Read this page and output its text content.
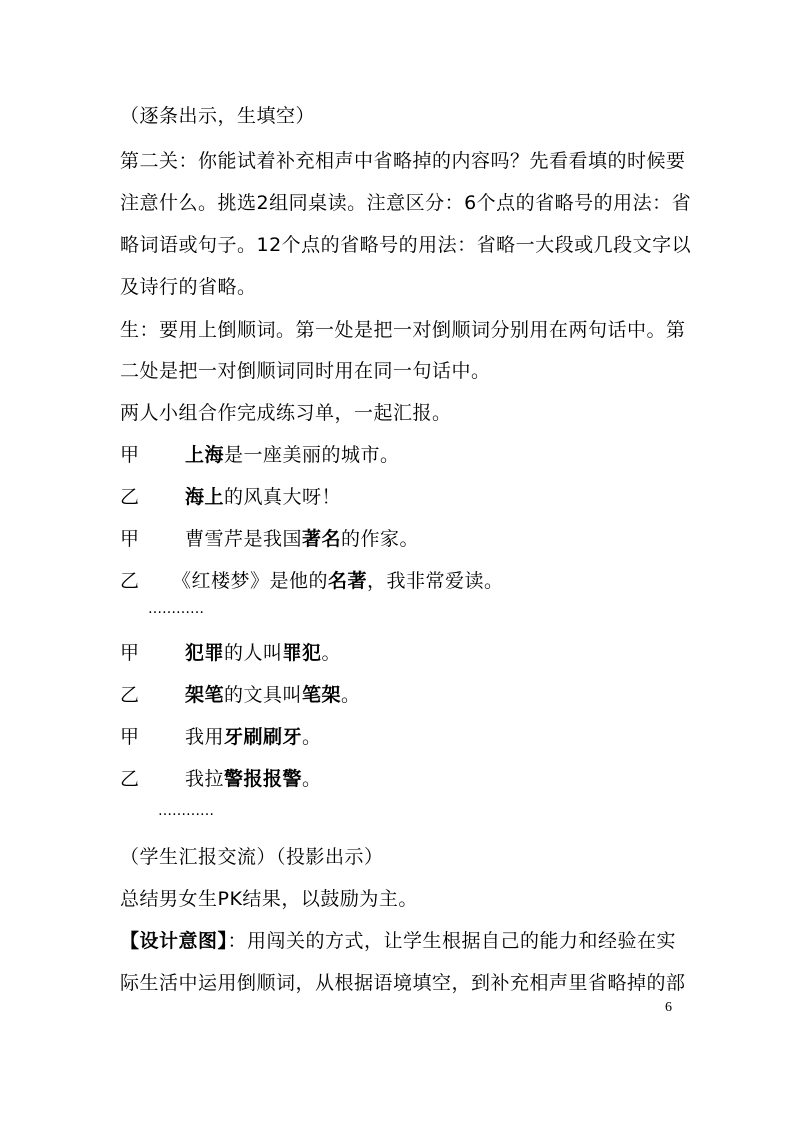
（逐条出示，生填空）
第二关：你能试着补充相声中省略掉的内容吗？先看看填的时候要
注意什么。挑选2组同桌读。注意区分：6个点的省略号的用法：省
略词语或句子。12个点的省略号的用法：省略一大段或几段文字以
及诗行的省略。
生：要用上倒顺词。第一处是把一对倒顺词分别用在两句话中。第
二处是把一对倒顺词同时用在同一句话中。
两人小组合作完成练习单，一起汇报。
甲 上海是一座美丽的城市。
乙 海上的风真大呀！
甲 曹雪芹是我国著名的作家。
乙 《红楼梦》是他的名著，我非常爱读。
…………
甲 犯罪的人叫罪犯。
乙 架笔的文具叫笔架。
甲 我用牙刷刷牙。
乙 我拉警报报警。
…………
（学生汇报交流）（投影出示）
总结男女生PK结果，以鼓励为主。
【设计意图】：用闯关的方式，让学生根据自己的能力和经验在实
际生活中运用倒顺词，从根据语境填空，到补充相声里省略掉的部
6
